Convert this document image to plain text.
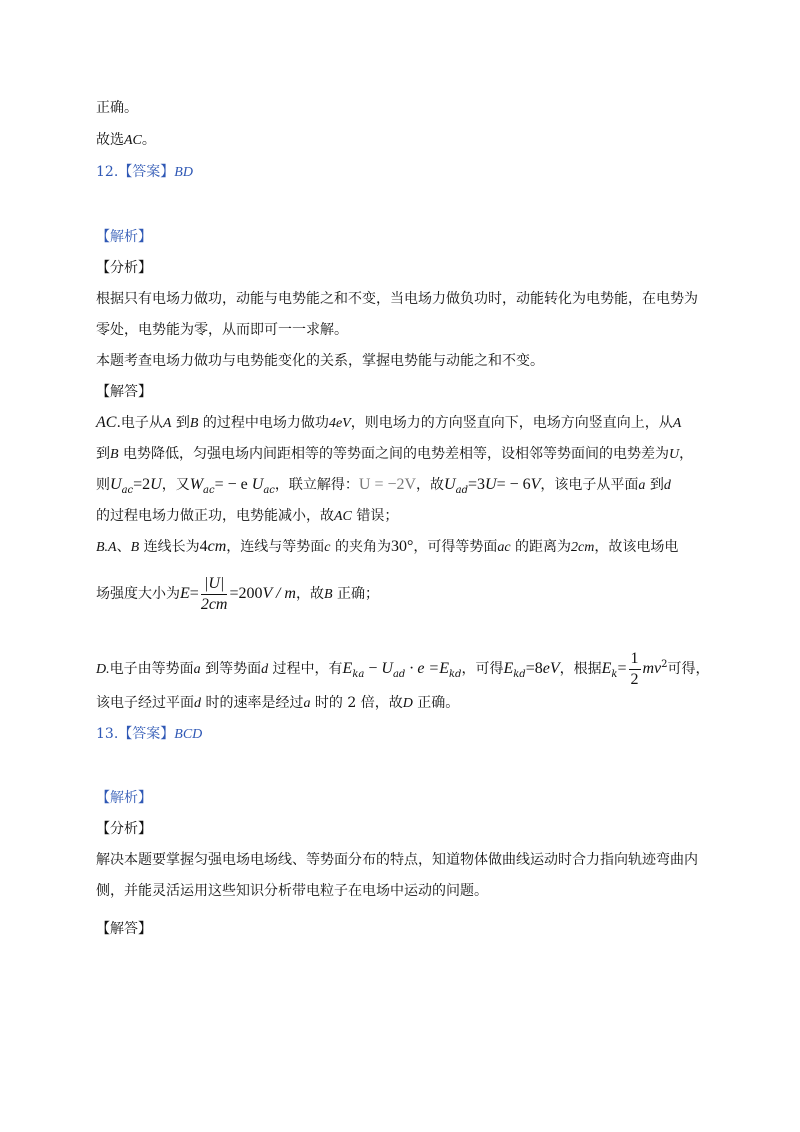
正确。
故选AC。
12.【答案】BD
【解析】
【分析】
根据只有电场力做功，动能与电势能之和不变，当电场力做负功时，动能转化为电势能，在电势为
零处，电势能为零，从而即可一一求解。
本题考查电场力做功与电势能变化的关系，掌握电势能与动能之和不变。
【解答】
AC.电子从A 到B 的过程中电场力做功4eV，则电场力的方向竖直向下，电场方向竖直向上，从A
到B 电势降低，匀强电场内间距相等的等势面之间的电势差相等，设相邻等势面间的电势差为U，
则$U_{ac}=2U$，又$W_{ac}= - e$ $U_{ac}$，联立解得：U = −2V，故$U_{ad}=3U= - 6V$，该电子从平面a 到d
的过程电场力做正功，电势能减小，故AC 错误；
B.A、B 连线长为4cm，连线与等势面c 的夹角为30°，可得等势面ac 的距离为2cm，故该电场电
场强度大小为$E= \frac{|U|}{2cm} =200V / m$，故B 正确；
D.电子由等势面a 到等势面d 过程中，有$E_{ka} - U_{ad} \cdot e =E_{kd}$，可得$E_{kd}=8eV$，根据$E_k= \frac{1}{2} mv^2$可得，
该电子经过平面d 时的速率是经过a 时的 2 倍，故D 正确。
13.【答案】BCD
【解析】
【分析】
解决本题要掌握匀强电场电场线、等势面分布的特点，知道物体做曲线运动时合力指向轨迹弯曲内
侧，并能灵活运用这些知识分析带电粒子在电场中运动的问题。
【解答】
